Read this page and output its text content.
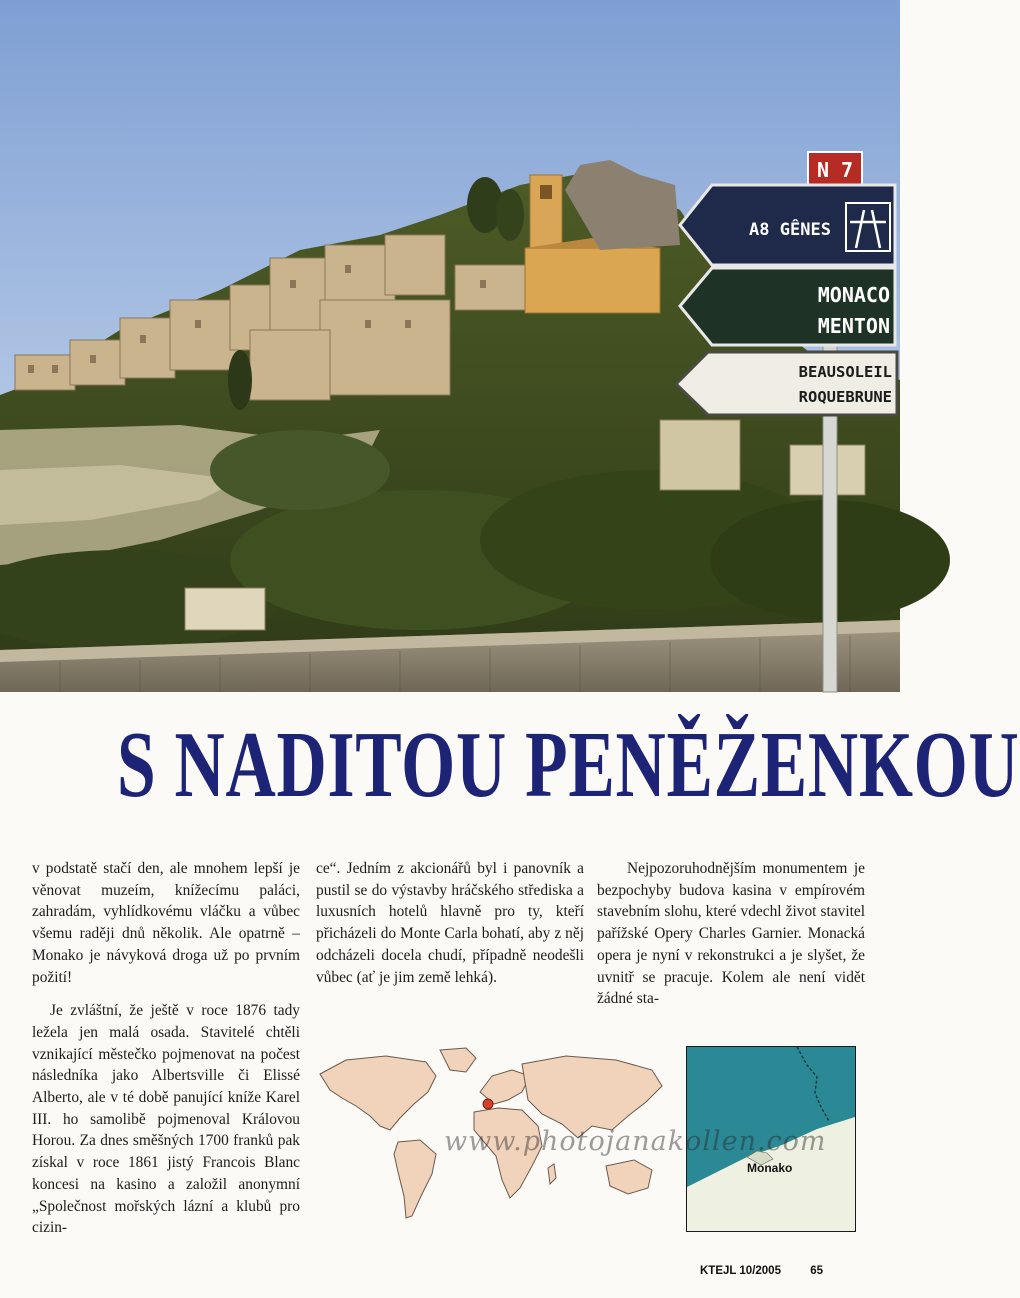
N 7
A8 GÊNES
MONACO
MENTON
BEAUSOLEIL
ROQUEBRUNE
S NADITOU PENĚŽENKOU

v podstatě stačí den, ale mnohem lepší je věnovat muzeím, knížecímu paláci, zahradám, vyhlídkovému vláčku a vůbec všemu raději dnů několik. Ale opatrně – Monako je návyková droga už po prvním požití!

Je zvláštní, že ještě v roce 1876 tady ležela jen malá osada. Stavitelé chtěli vznikající městečko pojmenovat na počest následníka jako Albertsville či Elissé Alberto, ale v té době panující kníže Karel III. ho samolibě pojmenoval Královou Horou. Za dnes směšných 1700 franků pak získal v roce 1861 jistý Francois Blanc koncesi na kasino a založil anonymní „Společnost mořských lázní a klubů pro cizin-

ce“. Jedním z akcionářů byl i panovník a pustil se do výstavby hráčského střediska a luxusních hotelů hlavně pro ty, kteří přicházeli do Monte Carla bohatí, aby z něj odcházeli docela chudí, případně neodešli vůbec (ať je jim země lehká).

Nejpozoruhodnějším monumentem je bezpochyby budova kasina v empírovém stavebním slohu, které vdechl život stavitel pařížské Opery Charles Garnier. Monacká opera je nyní v rekonstrukci a je slyšet, že uvnitř se pracuje. Kolem ale není vidět žádné sta-

Monako
www.photojanakollen.com
KTEJL 10/2005	65
